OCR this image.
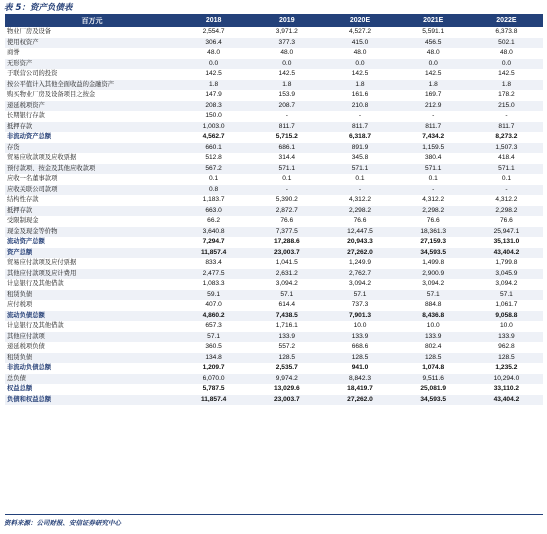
表 5：资产负债表
百万元	2018	2019	2020E	2021E	2022E
物业厂房及设备	2,554.7	3,971.2	4,527.2	5,591.1	6,373.8
使用权资产	306.4	377.3	415.0	456.5	502.1
商誉	48.0	48.0	48.0	48.0	48.0
无形资产	0.0	0.0	0.0	0.0	0.0
于联营公司的投资	142.5	142.5	142.5	142.5	142.5
按公平值计入其他全面收益的金融资产	1.8	1.8	1.8	1.8	1.8
购买物业厂房及设备项目之按金	147.9	153.9	161.6	169.7	178.2
递延税项资产	208.3	208.7	210.8	212.9	215.0
长期银行存款	150.0	-	-	-	-
抵押存款	1,003.0	811.7	811.7	811.7	811.7
非流动资产总额	4,562.7	5,715.2	6,318.7	7,434.2	8,273.2
存货	660.1	686.1	891.9	1,159.5	1,507.3
贸易应收款项及应收票据	512.8	314.4	345.8	380.4	418.4
预付款项、按金及其他应收款项	567.2	571.1	571.1	571.1	571.1
应收一名董事款项	0.1	0.1	0.1	0.1	0.1
应收关联公司款项	0.8	-	-	-	-
结构性存款	1,183.7	5,390.2	4,312.2	4,312.2	4,312.2
抵押存款	663.0	2,872.7	2,298.2	2,298.2	2,298.2
受限制现金	66.2	76.6	76.6	76.6	76.6
现金及现金等价物	3,640.8	7,377.5	12,447.5	18,361.3	25,947.1
流动资产总额	7,294.7	17,288.6	20,943.3	27,159.3	35,131.0
资产总额	11,857.4	23,003.7	27,262.0	34,593.5	43,404.2
贸易应付款项及应付票据	833.4	1,041.5	1,249.9	1,499.8	1,799.8
其他应付款项及应计费用	2,477.5	2,631.2	2,762.7	2,900.9	3,045.9
计息银行及其他借款	1,083.3	3,094.2	3,094.2	3,094.2	3,094.2
租赁负债	59.1	57.1	57.1	57.1	57.1
应付税项	407.0	614.4	737.3	884.8	1,061.7
流动负债总额	4,860.2	7,438.5	7,901.3	8,436.8	9,058.8
计息银行及其他借款	657.3	1,716.1	10.0	10.0	10.0
其他应付款项	57.1	133.9	133.9	133.9	133.9
递延税项负债	360.5	557.2	668.6	802.4	962.8
租赁负债	134.8	128.5	128.5	128.5	128.5
非流动负债总额	1,209.7	2,535.7	941.0	1,074.8	1,235.2
总负债	6,070.0	9,974.2	8,842.3	9,511.6	10,294.0
权益总额	5,787.5	13,029.6	18,419.7	25,081.9	33,110.2
负债和权益总额	11,857.4	23,003.7	27,262.0	34,593.5	43,404.2
资料来源：公司财报、安信证券研究中心
